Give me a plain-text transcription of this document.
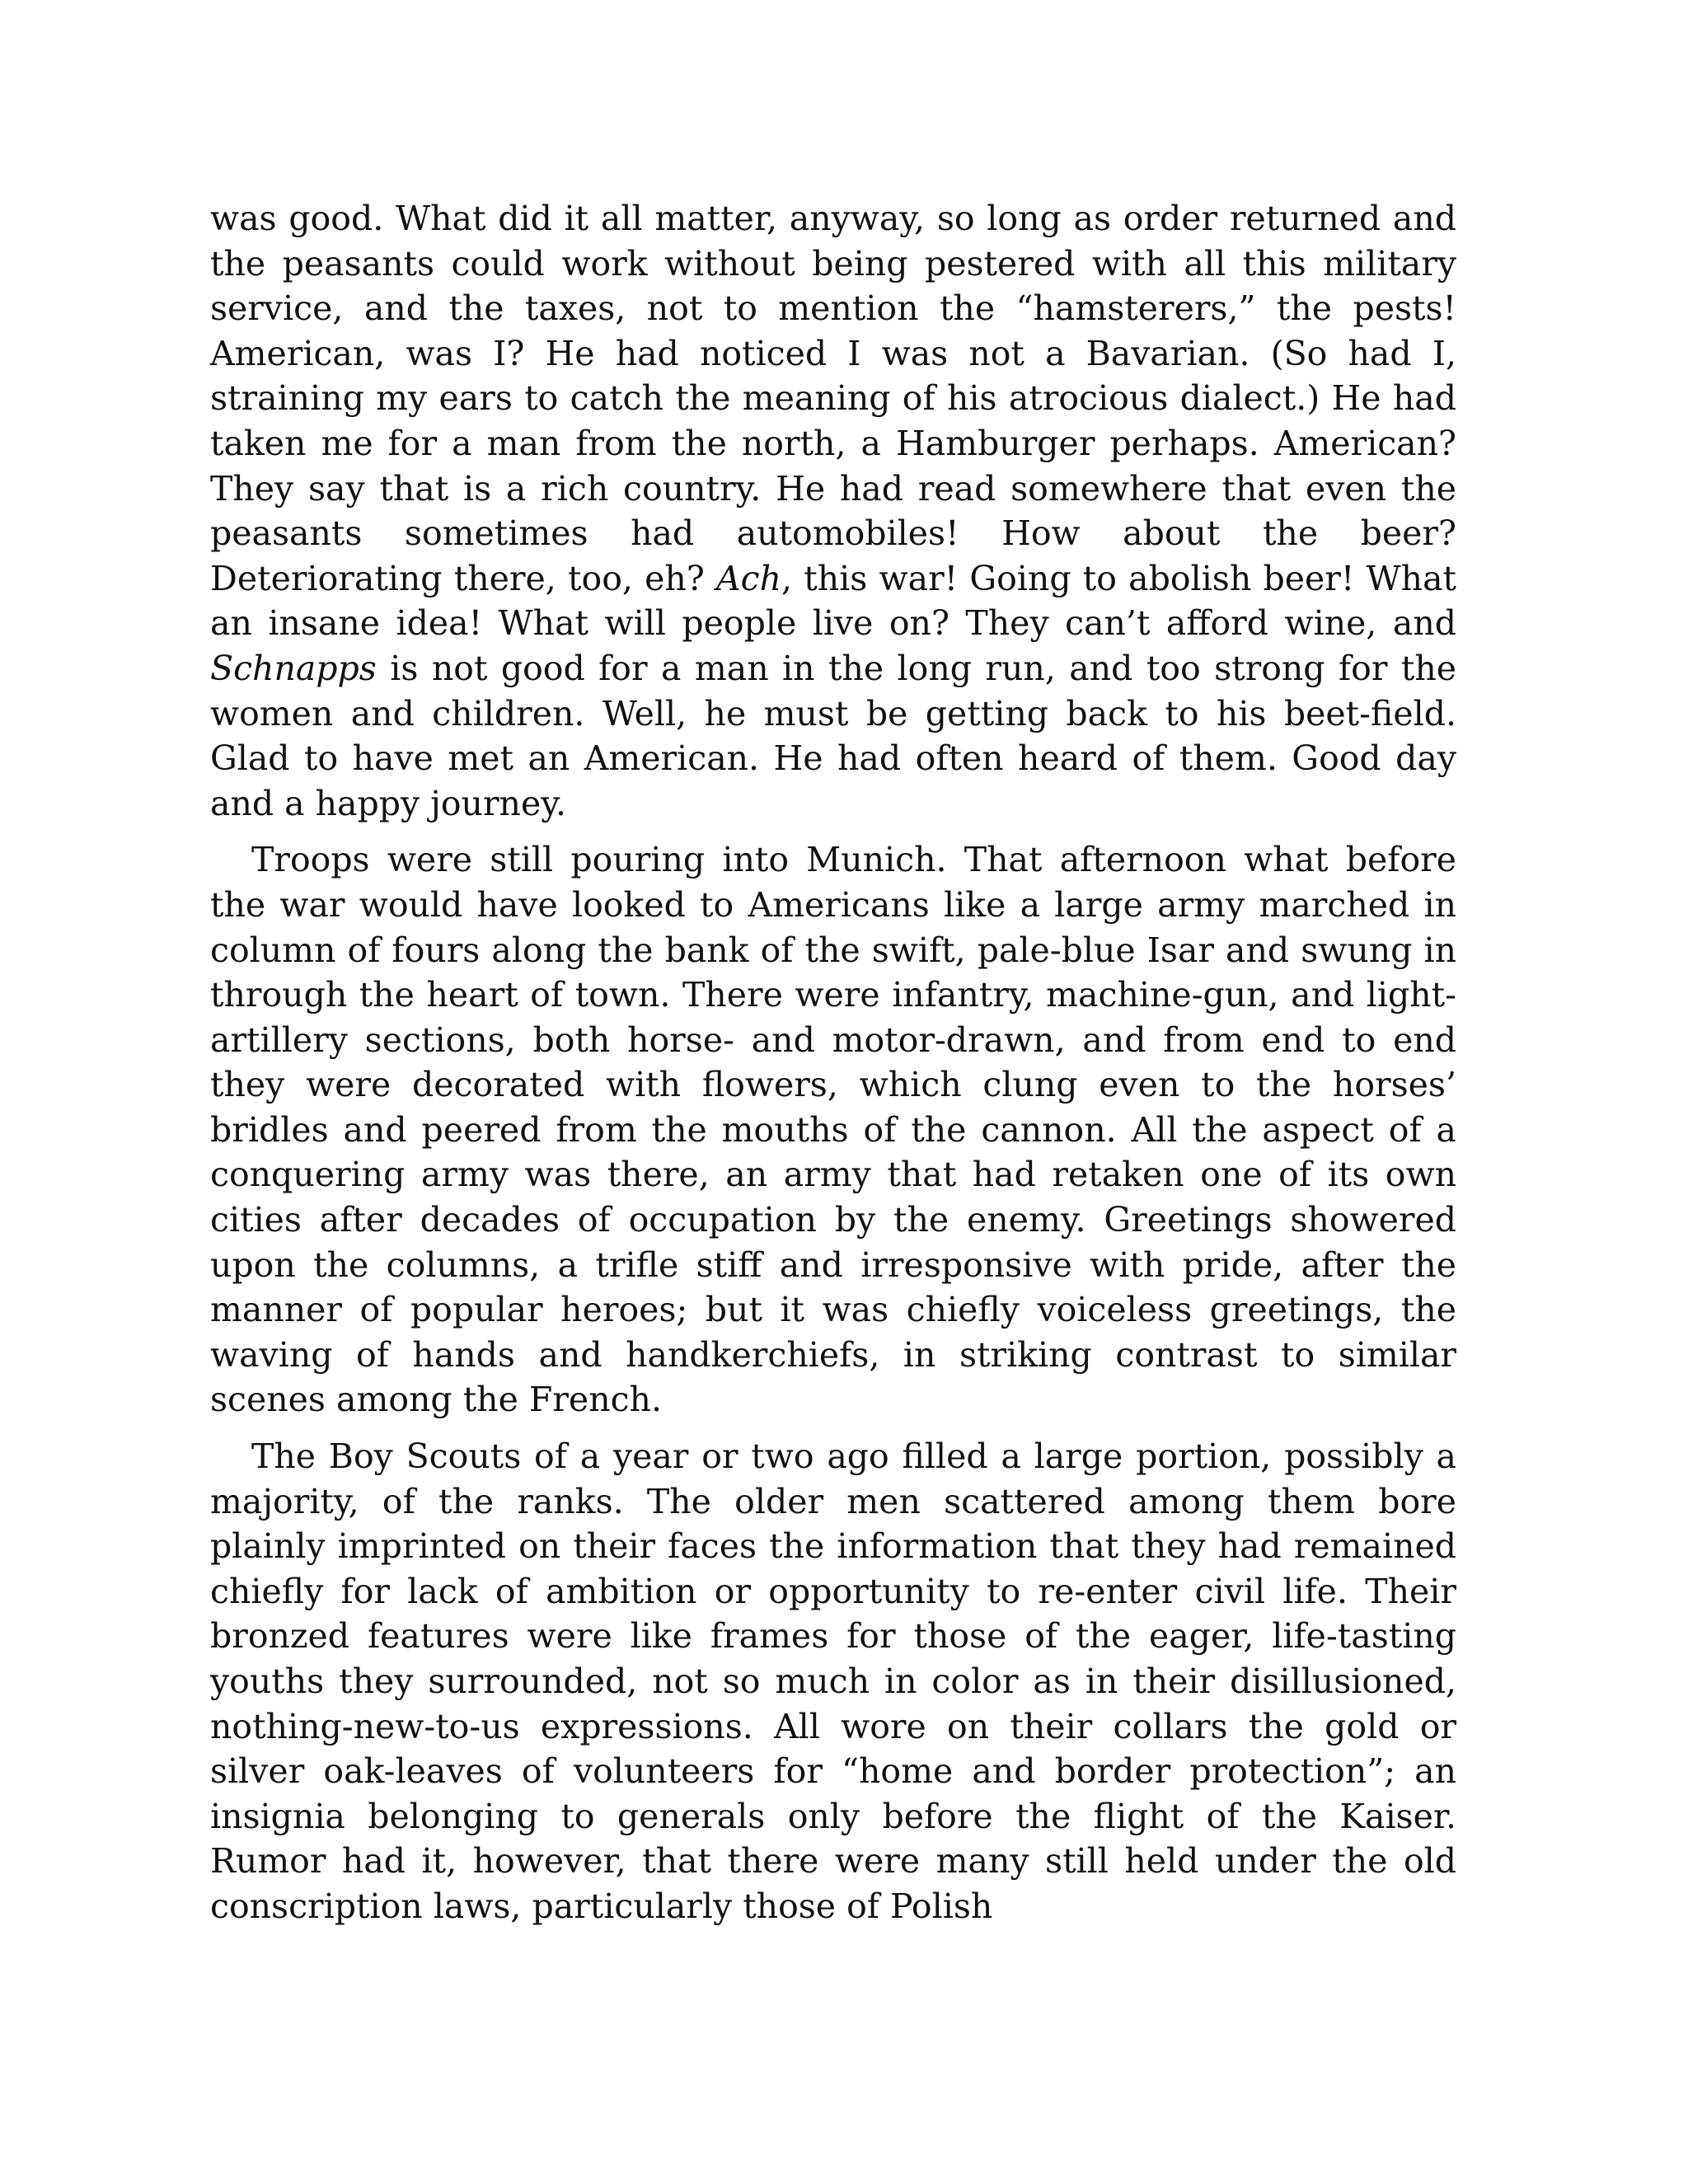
was good. What did it all matter, anyway, so long as order returned and the peasants could work without being pestered with all this military service, and the taxes, not to mention the “hamsterers,” the pests! American, was I? He had noticed I was not a Bavarian. (So had I, straining my ears to catch the meaning of his atrocious dialect.) He had taken me for a man from the north, a Hamburger perhaps. American? They say that is a rich country. He had read somewhere that even the peasants sometimes had automobiles! How about the beer? Deteriorating there, too, eh? Ach, this war! Going to abolish beer! What an insane idea! What will people live on? They can’t afford wine, and Schnapps is not good for a man in the long run, and too strong for the women and children. Well, he must be getting back to his beet-field. Glad to have met an American. He had often heard of them. Good day and a happy journey.

Troops were still pouring into Munich. That afternoon what before the war would have looked to Americans like a large army marched in column of fours along the bank of the swift, pale-blue Isar and swung in through the heart of town. There were infantry, machine-gun, and light-artillery sections, both horse- and motor-drawn, and from end to end they were decorated with flowers, which clung even to the horses’ bridles and peered from the mouths of the cannon. All the aspect of a conquering army was there, an army that had retaken one of its own cities after decades of occupation by the enemy. Greetings showered upon the columns, a trifle stiff and irresponsive with pride, after the manner of popular heroes; but it was chiefly voiceless greetings, the waving of hands and handkerchiefs, in striking contrast to similar scenes among the French.

The Boy Scouts of a year or two ago filled a large portion, possibly a majority, of the ranks. The older men scattered among them bore plainly imprinted on their faces the information that they had remained chiefly for lack of ambition or opportunity to re-enter civil life. Their bronzed features were like frames for those of the eager, life-tasting youths they surrounded, not so much in color as in their disillusioned, nothing-new-to-us expressions. All wore on their collars the gold or silver oak-leaves of volunteers for “home and border protection”; an insignia belonging to generals only before the flight of the Kaiser. Rumor had it, however, that there were many still held under the old conscription laws, particularly those of Polish
